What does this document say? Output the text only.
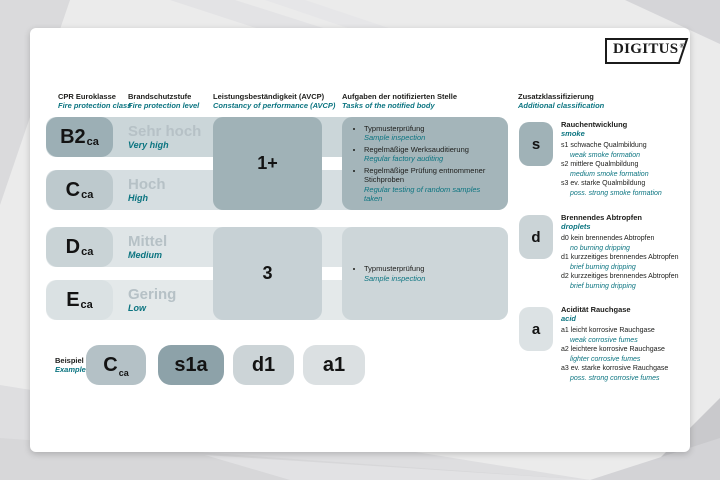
DIGITUS®
CPR Euroklasse
Fire protection class
Brandschutzstufe
Fire protection level
Leistungsbeständigkeit (AVCP)
Constancy of performance (AVCP)
Aufgaben der notifizierten Stelle
Tasks of the notified body
Zusatzklassifizierung
Additional classification
B2 ca
C ca
D ca
E ca
Sehr hoch
Very high
Hoch
High
Mittel
Medium
Gering
Low
1+
3
• Typmusterprüfung
Sample inspection
• Regelmäßige Werksauditierung
Regular factory auditing
• Regelmäßige Prüfung entnommener Stichproben
Regular testing of random samples taken
• Typmusterprüfung
Sample inspection
s
d
a
Rauchentwicklung
smoke
s1 schwache Qualmbildung
weak smoke formation
s2 mittlere Qualmbildung
medium smoke formation
s3 ev. starke Qualmbildung
poss. strong smoke formation
Brennendes Abtropfen
droplets
d0 kein brennendes Abtropfen
no burning dripping
d1 kurzzeitiges brennendes Abtropfen
brief burning dripping
d2 kurzzeitiges brennendes Abtropfen
brief burning dripping
Acidität Rauchgase
acid
a1 leicht korrosive Rauchgase
weak corrosive fumes
a2 leichtere korrosive Rauchgase
lighter corrosive fumes
a3 ev. starke korrosive Rauchgase
poss. strong corrosive fumes
Beispiel
Example C ca s1a d1 a1
